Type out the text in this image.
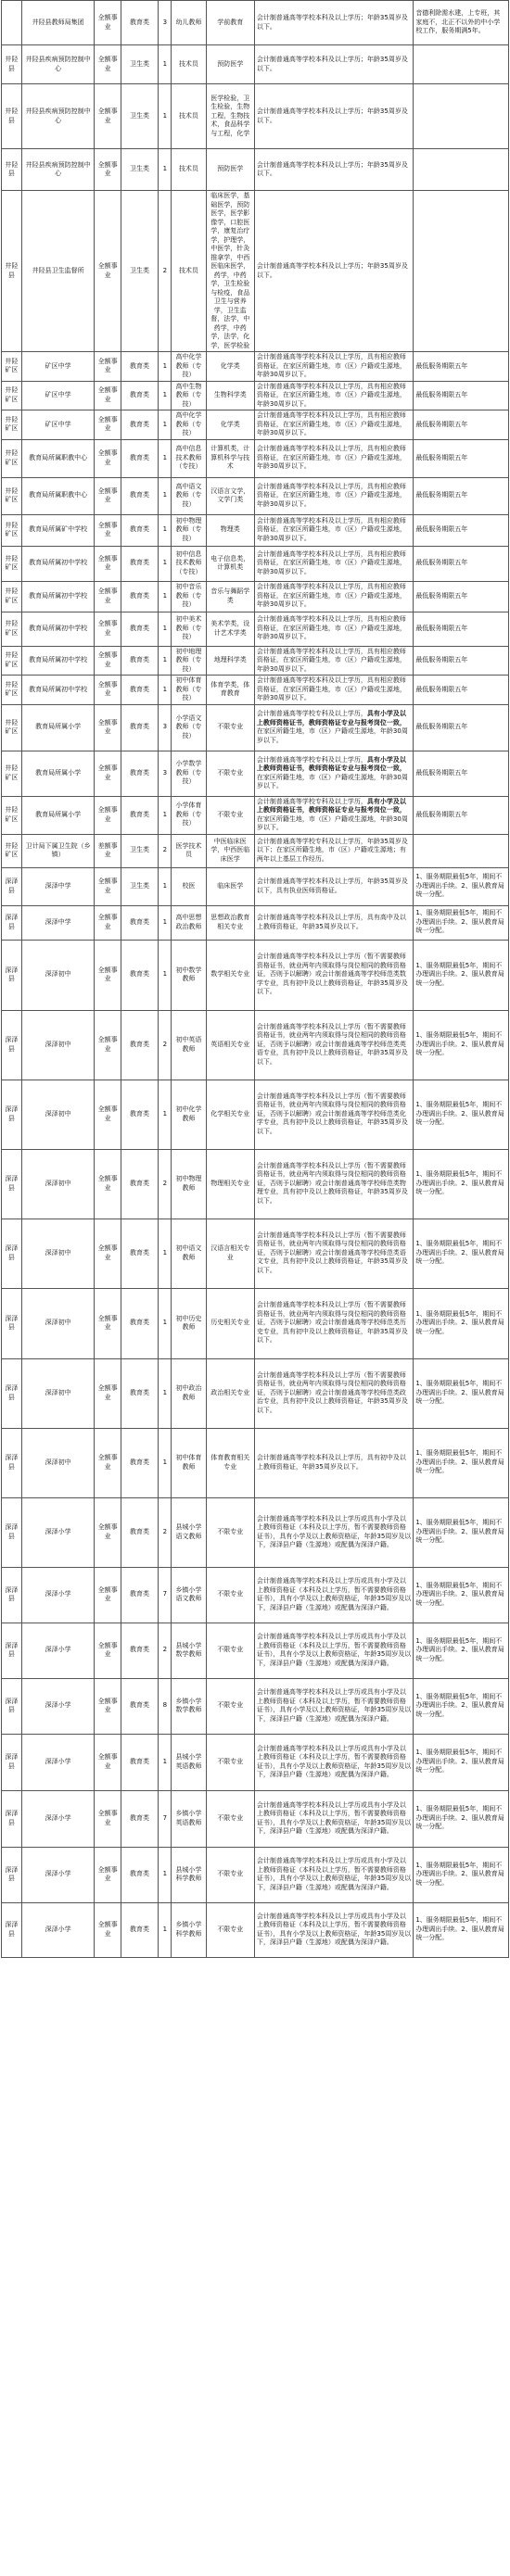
	井陉县教师局集团	全额事业	教育类	3	幼儿教师	学前教育	会计制普通高等学校本科及以上学历；年龄35周岁及以下。	音德利除需水建，上专班，其家庭不，北正不以外的中小学校工作，服务期满5年。
井陉县	井陉县疾病预防控制中心	全额事业	卫生类	1	技术员	预防医学	会计制普通高等学校本科及以上学历；年龄35周岁及以下。	
井陉县	井陉县疾病预防控制中心	全额事业	卫生类	1	技术员	医学检验，卫生检验，生物工程，生物技术，食品科学与工程，化学	会计制普通高等学校本科及以上学历；年龄35周岁及以下。	
井陉县	井陉县疾病预防控制中心	全额事业	卫生类	1	技术员	预防医学	会计制普通高等学校本科及以上学历；年龄35周岁及以下。	
井陉县	井陉县卫生监督所	全额事业	卫生类	2	技术员	临床医学，基础医学，预防医学，医学影像学，口腔医学，康复治疗学，护理学，中医学，针灸推拿学，中西医临床医学，药学，中药学，卫生检验与检疫，食品卫生与营养学，卫生监督，法学，中药学，中药学，法学，化学，医学检验	会计制普通高等学校本科及以上学历；年龄35周岁及以下。	
井陉矿区	矿区中学	全额事业	教育类	1	高中化学教师（专技）	化学类	会计制普通高等学校本科及以上学历，具有相应教师资格证，在家区所籍生地，市（区）户籍或生源地，年龄30周岁以下。	最低服务期限五年
井陉矿区	矿区中学	全额事业	教育类	1	高中生物教师（专技）	生物科学类	会计制普通高等学校本科及以上学历，具有相应教师资格证，在家区所籍生地，市（区）户籍或生源地，年龄30周岁以下。	最低服务期限五年
井陉矿区	矿区中学	全额事业	教育类	1	高中化学教师（专技）	化学类	会计制普通高等学校本科及以上学历，具有相应教师资格证，在家区所籍生地，市（区）户籍或生源地，年龄30周岁以下。	最低服务期限五年
井陉矿区	教育局所属职教中心	全额事业	教育类	1	高中信息技术教师（专技）	计算机类，计算机科学与技术	会计制普通高等学校本科及以上学历，具有相应教师资格证，在家区所籍生地，市（区）户籍或生源地，年龄30周岁以下。	最低服务期限五年
井陉矿区	教育局所属职教中心	全额事业	教育类	1	高中语文教师（专技）	汉语言文学，文学门类	会计制普通高等学校本科及以上学历，具有相应教师资格证，在家区所籍生地，市（区）户籍或生源地，年龄30周岁以下。	最低服务期限五年
井陉矿区	教育局所属矿中学校	全额事业	教育类	1	初中物理教师（专技）	物理类	会计制普通高等学校本科及以上学历，具有相应教师资格证，在家区所籍生地，市（区）户籍或生源地，年龄30周岁以下。	最低服务期限五年
井陉矿区	教育局所属初中学校	全额事业	教育类	1	初中信息技术教师（专技）	电子信息类，计算机类	会计制普通高等学校本科及以上学历，具有相应教师资格证，在家区所籍生地，市（区）户籍或生源地，年龄30周岁以下。	最低服务期限五年
井陉矿区	教育局所属初中学校	全额事业	教育类	1	初中音乐教师（专技）	音乐与舞蹈学类	会计制普通高等学校本科及以上学历，具有相应教师资格证，在家区所籍生地，市（区）户籍或生源地，年龄30周岁以下。	最低服务期限五年
井陉矿区	教育局所属初中学校	全额事业	教育类	1	初中美术教师（专技）	美术学类，设计艺术学类	会计制普通高等学校本科及以上学历，具有相应教师资格证，在家区所籍生地，市（区）户籍或生源地，年龄30周岁以下。	最低服务期限五年
井陉矿区	教育局所属初中学校	全额事业	教育类	1	初中地理教师（专技）	地理科学类	会计制普通高等学校本科及以上学历，具有相应教师资格证，在家区所籍生地，市（区）户籍或生源地，年龄30周岁以下。	最低服务期限五年
井陉矿区	教育局所属初中学校	全额事业	教育类	1	初中体育教师（专技）	体育学类，体育教育	会计制普通高等学校本科及以上学历，具有相应教师资格证，在家区所籍生地，市（区）户籍或生源地，年龄30周岁以下。	最低服务期限五年
井陉矿区	教育局所属小学	全额事业	教育类	3	小学语文教师（专技）	不限专业	会计制普通高等学校专科及以上学历，具有小学及以上教师资格证书，教师资格证专业与报考岗位一致，在家区所籍生地，市（区）户籍或生源地，年龄30周岁以下。	最低服务期限五年
井陉矿区	教育局所属小学	全额事业	教育类	3	小学数学教师（专技）	不限专业	会计制普通高等学校专科及以上学历，具有小学及以上教师资格证书，教师资格证专业与报考岗位一致，在家区所籍生地，市（区）户籍或生源地，年龄30周岁以下。	最低服务期限五年
井陉矿区	教育局所属小学	全额事业	教育类	1	小学体育教师（专技）	不限专业	会计制普通高等学校专科及以上学历，具有小学及以上教师资格证书，教师资格证专业与报考岗位一致，在家区所籍生地，市（区）户籍或生源地，年龄30周岁以下。	最低服务期限五年
井陉矿区	卫计局下属卫生院（乡镇）	差额事业	卫生类	2	医学技术员	中医临床医学，中西医临床医学	会计制普通高等学校专科及以上学历，年龄35周岁及以下；在家区所籍生地，市（区）户籍或生源地；有两年以上基层工作经历。	
深泽县	深泽中学	全额事业	卫生类	1	校医	临床医学	会计制普通高等学校本科及以上学历，年龄35周岁及以下，具有执业医师资格证。	1、服务期限最低5年，期间不办理调出手续。2、服从教育局统一分配。
深泽县	深泽中学	全额事业	教育类	1	高中思想政治教师	思想政治教育相关专业	会计制普通高等学校本科及以上学历，具有高中及以上教师资格证，年龄35周岁及以下。	1、服务期限最低5年，期间不办理调出手续。2、服从教育局统一分配。
深泽县	深泽初中	全额事业	教育类	1	初中数学教师	数学相关专业	会计制普通高等学校本科及以上学历（暂不需要教师资格证书，就业两年内须取得与岗位相同的教师资格证，否则予以解聘）或会计制普通高等学校师范类数学专业，具有初中及以上教师资格证，年龄35周岁及以下。	1、服务期限最低5年，期间不办理调出手续。2、服从教育局统一分配。
深泽县	深泽初中	全额事业	教育类	2	初中英语教师	英语相关专业	会计制普通高等学校本科及以上学历（暂不需要教师资格证书，就业两年内须取得与岗位相同的教师资格证，否则予以解聘）或会计制普通高等学校师范类英语专业，具有初中及以上教师资格证，年龄35周岁及以下。	1、服务期限最低5年，期间不办理调出手续。2、服从教育局统一分配。
深泽县	深泽初中	全额事业	教育类	1	初中化学教师	化学相关专业	会计制普通高等学校本科及以上学历（暂不需要教师资格证书，就业两年内须取得与岗位相同的教师资格证，否则予以解聘）或会计制普通高等学校师范类化学专业，具有初中及以上教师资格证，年龄35周岁及以下。	1、服务期限最低5年，期间不办理调出手续。2、服从教育局统一分配。
深泽县	深泽初中	全额事业	教育类	2	初中物理教师	物理相关专业	会计制普通高等学校本科及以上学历（暂不需要教师资格证书，就业两年内须取得与岗位相同的教师资格证，否则予以解聘）或会计制普通高等学校师范类物理专业，具有初中及以上教师资格证，年龄35周岁及以下。	1、服务期限最低5年，期间不办理调出手续。2、服从教育局统一分配。
深泽县	深泽初中	全额事业	教育类	1	初中语文教师	汉语言相关专业	会计制普通高等学校本科及以上学历（暂不需要教师资格证书，就业两年内须取得与岗位相同的教师资格证，否则予以解聘）或会计制普通高等学校师范类语文专业，具有初中及以上教师资格证，年龄35周岁及以下。	1、服务期限最低5年，期间不办理调出手续。2、服从教育局统一分配。
深泽县	深泽初中	全额事业	教育类	1	初中历史教师	历史相关专业	会计制普通高等学校本科及以上学历（暂不需要教师资格证书，就业两年内须取得与岗位相同的教师资格证，否则予以解聘）或会计制普通高等学校师范类历史专业，具有初中及以上教师资格证，年龄35周岁及以下。	1、服务期限最低5年，期间不办理调出手续。2、服从教育局统一分配。
深泽县	深泽初中	全额事业	教育类	1	初中政治教师	政治相关专业	会计制普通高等学校本科及以上学历（暂不需要教师资格证书，就业两年内须取得与岗位相同的教师资格证，否则予以解聘）或会计制普通高等学校师范类政治专业，具有初中及以上教师资格证，年龄35周岁及以下。	1、服务期限最低5年，期间不办理调出手续。2、服从教育局统一分配。
深泽县	深泽初中	全额事业	教育类	1	初中体育教师	体育教育相关专业	会计制普通高等学校本科及以上学历，具有初中及以上教师资格证，年龄35周岁及以下。	1、服务期限最低5年，期间不办理调出手续。2、服从教育局统一分配。
深泽县	深泽小学	全额事业	教育类	2	县城小学语文教师	不限专业	会计制普通高等学校本科及以上学历或具有小学及以上教师资格证（本科及以上学历，暂不需要教师资格证书），具有小学及以上教师资格证，年龄35周岁及以下，深泽县户籍（生源地）或配偶为深泽户籍。	1、服务期限最低5年，期间不办理调出手续。2、服从教育局统一分配。
深泽县	深泽小学	全额事业	教育类	7	乡镇小学语文教师	不限专业	会计制普通高等学校本科及以上学历或具有小学及以上教师资格证（本科及以上学历，暂不需要教师资格证书），具有小学及以上教师资格证，年龄35周岁及以下，深泽县户籍（生源地）或配偶为深泽户籍。	1、服务期限最低5年，期间不办理调出手续。2、服从教育局统一分配。
深泽县	深泽小学	全额事业	教育类	2	县城小学数学教师	不限专业	会计制普通高等学校本科及以上学历或具有小学及以上教师资格证（本科及以上学历，暂不需要教师资格证书），具有小学及以上教师资格证，年龄35周岁及以下，深泽县户籍（生源地）或配偶为深泽户籍。	1、服务期限最低5年，期间不办理调出手续。2、服从教育局统一分配。
深泽县	深泽小学	全额事业	教育类	8	乡镇小学数学教师	不限专业	会计制普通高等学校本科及以上学历或具有小学及以上教师资格证（本科及以上学历，暂不需要教师资格证书），具有小学及以上教师资格证，年龄35周岁及以下，深泽县户籍（生源地）或配偶为深泽户籍。	1、服务期限最低5年，期间不办理调出手续。2、服从教育局统一分配。
深泽县	深泽小学	全额事业	教育类	1	县城小学英语教师	不限专业	会计制普通高等学校本科及以上学历或具有小学及以上教师资格证（本科及以上学历，暂不需要教师资格证书），具有小学及以上教师资格证，年龄35周岁及以下，深泽县户籍（生源地）或配偶为深泽户籍。	1、服务期限最低5年，期间不办理调出手续。2、服从教育局统一分配。
深泽县	深泽小学	全额事业	教育类	7	乡镇小学英语教师	不限专业	会计制普通高等学校本科及以上学历或具有小学及以上教师资格证（本科及以上学历，暂不需要教师资格证书），具有小学及以上教师资格证，年龄35周岁及以下，深泽县户籍（生源地）或配偶为深泽户籍。	1、服务期限最低5年，期间不办理调出手续。2、服从教育局统一分配。
深泽县	深泽小学	全额事业	教育类	1	县城小学科学教师	不限专业	会计制普通高等学校本科及以上学历或具有小学及以上教师资格证（本科及以上学历，暂不需要教师资格证书），具有小学及以上教师资格证，年龄35周岁及以下，深泽县户籍（生源地）或配偶为深泽户籍。	1、服务期限最低5年，期间不办理调出手续。2、服从教育局统一分配。
深泽县	深泽小学	全额事业	教育类	1	乡镇小学科学教师	不限专业	会计制普通高等学校本科及以上学历或具有小学及以上教师资格证（本科及以上学历，暂不需要教师资格证书），具有小学及以上教师资格证，年龄35周岁及以下，深泽县户籍（生源地）或配偶为深泽户籍。	1、服务期限最低5年，期间不办理调出手续。2、服从教育局统一分配。
